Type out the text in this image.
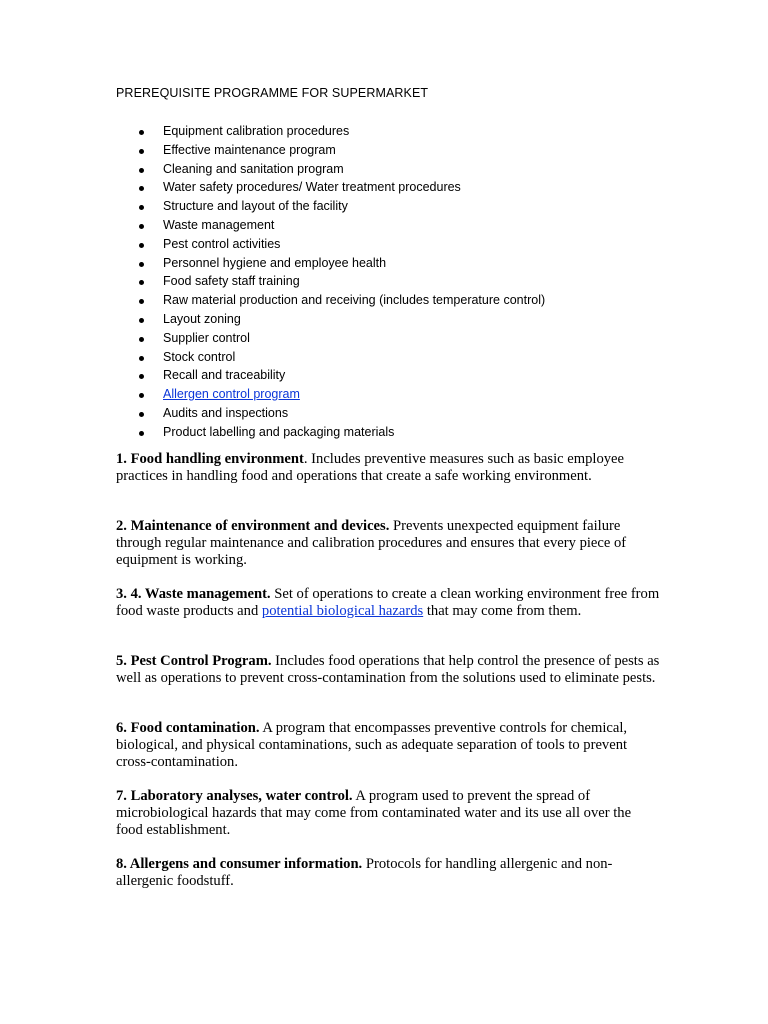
PREREQUISITE PROGRAMME FOR SUPERMARKET
Equipment calibration procedures
Effective maintenance program
Cleaning and sanitation program
Water safety procedures/ Water treatment procedures
Structure and layout of the facility
Waste management
Pest control activities
Personnel hygiene and employee health
Food safety staff training
Raw material production and receiving (includes temperature control)
Layout zoning
Supplier control
Stock control
Recall and traceability
Allergen control program
Audits and inspections
Product labelling and packaging materials

1. Food handling environment. Includes preventive measures such as basic employee practices in handling food and operations that create a safe working environment.

2. Maintenance of environment and devices. Prevents unexpected equipment failure through regular maintenance and calibration procedures and ensures that every piece of equipment is working.

3. 4. Waste management. Set of operations to create a clean working environment free from food waste products and potential biological hazards that may come from them.

5. Pest Control Program. Includes food operations that help control the presence of pests as well as operations to prevent cross-contamination from the solutions used to eliminate pests.

6. Food contamination. A program that encompasses preventive controls for chemical, biological, and physical contaminations, such as adequate separation of tools to prevent cross-contamination.

7. Laboratory analyses, water control. A program used to prevent the spread of microbiological hazards that may come from contaminated water and its use all over the food establishment.

8. Allergens and consumer information. Protocols for handling allergenic and non-allergenic foodstuff.
